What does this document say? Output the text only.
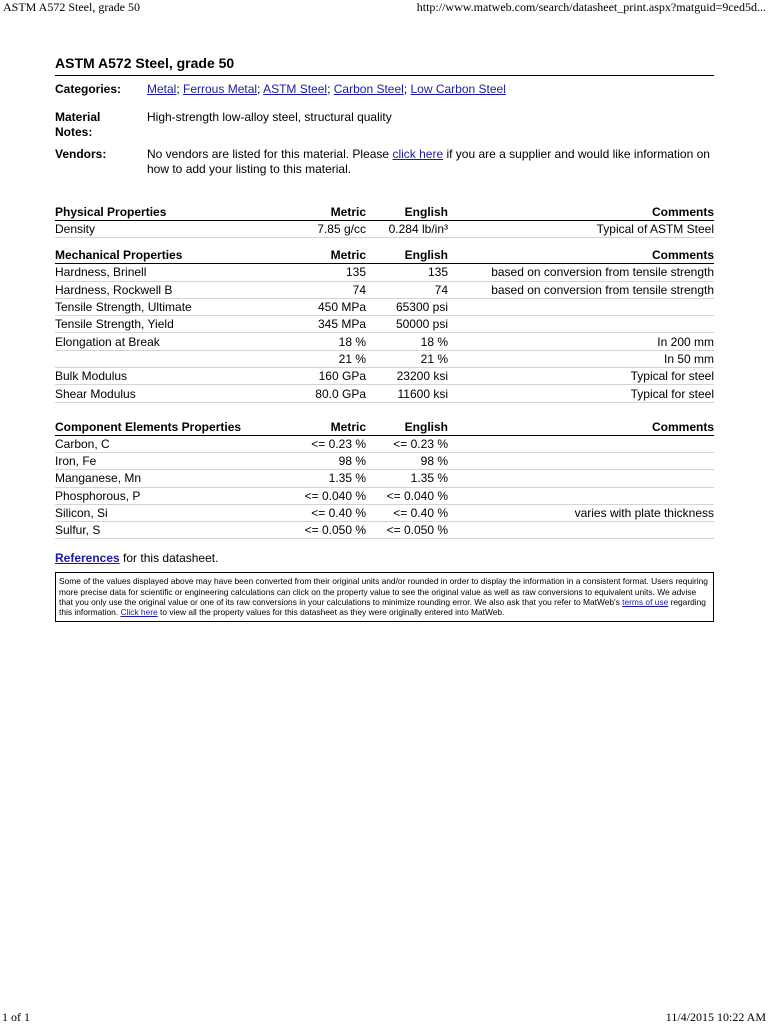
ASTM A572 Steel, grade 50	http://www.matweb.com/search/datasheet_print.aspx?matguid=9ced5d...
ASTM A572 Steel, grade 50
Categories:	Metal; Ferrous Metal; ASTM Steel; Carbon Steel; Low Carbon Steel
Material
Notes:
High-strength low-alloy steel, structural quality
Vendors:	No vendors are listed for this material. Please click here if you are a supplier and would like information on how to add your listing to this material.
Physical Properties	Metric	English	Comments
Density	7.85 g/cc	0.284 lb/in³	Typical of ASTM Steel
Mechanical Properties	Metric	English	Comments
Hardness, Brinell	135	135	based on conversion from tensile strength
Hardness, Rockwell B	74	74	based on conversion from tensile strength
Tensile Strength, Ultimate	450 MPa	65300 psi	
Tensile Strength, Yield	345 MPa	50000 psi	
Elongation at Break	18 %	18 %	In 200 mm
	21 %	21 %	In 50 mm
Bulk Modulus	160 GPa	23200 ksi	Typical for steel
Shear Modulus	80.0 GPa	11600 ksi	Typical for steel
Component Elements Properties	Metric	English	Comments
Carbon, C	<= 0.23 %	<= 0.23 %	
Iron, Fe	98 %	98 %	
Manganese, Mn	1.35 %	1.35 %	
Phosphorous, P	<= 0.040 %	<= 0.040 %	
Silicon, Si	<= 0.40 %	<= 0.40 %	varies with plate thickness
Sulfur, S	<= 0.050 %	<= 0.050 %	
References for this datasheet.
Some of the values displayed above may have been converted from their original units and/or rounded in order to display the information in a consistent format. Users requiring more precise data for scientific or engineering calculations can click on the property value to see the original value as well as raw conversions to equivalent units. We advise that you only use the original value or one of its raw conversions in your calculations to minimize rounding error. We also ask that you refer to MatWeb's terms of use regarding this information. Click here to view all the property values for this datasheet as they were originally entered into MatWeb.
1 of 1	11/4/2015 10:22 AM
